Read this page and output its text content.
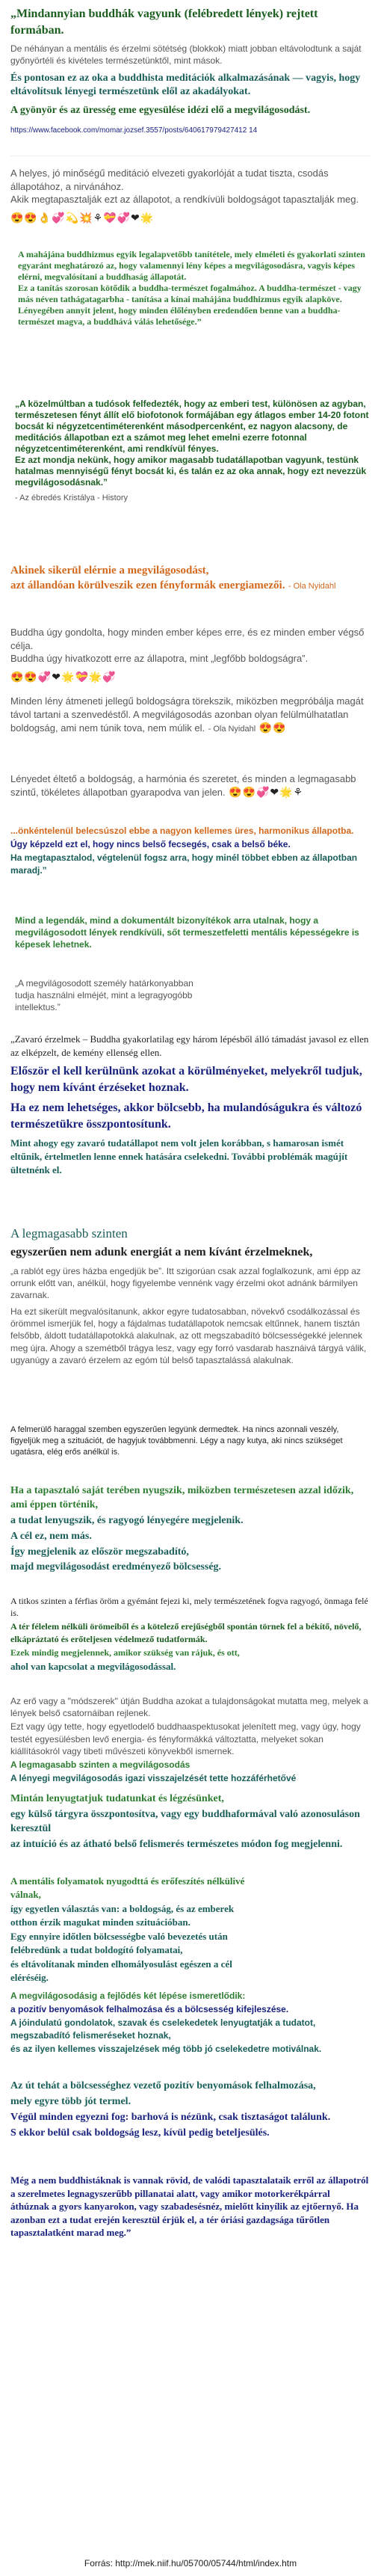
„Mindannyian buddhák vagyunk (felébredett lények) rejtett formában.

De néhányan a mentális és érzelmi sötétség (blokkok) miatt jobban eltávolodtunk a saját győnyörtéli és kivételes természetünktől, mint mások.

És pontosan ez az oka a buddhista meditációk alkalmazásának — vagyis, hogy eltávolítsuk lényegi természetünk elől az akadályokat.

A gyönyör és az üresség eme egyesülése idézi elő a megvilágosodást.

https://www.facebook.com/momar.jozsef.3557/posts/640617979427412 14

A helyes, jó minőségű meditáció elvezeti gyakorlóját a tudat tiszta, csodás állapotához, a nirvánához.
Akik megtapasztalják ezt az állapotot, a rendkívüli boldogságot tapasztalják meg.

😍😍👌💞💫💥⚘💝💞❤🌟

A mahájána buddhizmus egyik legalapvetőbb tanítétele, mely elméleti és gyakorlati szinten egyaránt meghatározó az, hogy valamennyi lény képes a megvilágosodásra, vagyis képes elérni, megvalósítani a buddhaság állapotát.
Ez a tanítás szorosan kötődik a buddha-természet fogalmához. A buddha-természet - vagy más néven tathágatagarbha - tanítása a kínai mahájána buddhizmus egyik alapköve.
Lényegében annyit jelent, hogy minden élőlényben eredendően benne van a buddha-természet magva, a buddhává válás lehetősége.”

„A közelmúltban a tudósok felfedezték, hogy az emberi test, különösen az agyban, természetesen fényt állít elő biofotonok formájában egy átlagos ember 14-20 fotont bocsát ki négyzetcentiméterenként másodpercenként, ez nagyon alacsony, de meditációs állapotban ezt a számot meg lehet emelni ezerre fotonnal négyzetcentiméterenként, ami rendkívül fényes.
Ez azt mondja nekünk, hogy amikor magasabb tudatállapotban vagyunk, testünk hatalmas mennyiségű fényt bocsát ki, és talán ez az oka annak, hogy ezt nevezzük megvilágosodásnak.”

- Az ébredés Kristálya - History

Akinek sikerül elérnie a megvilágosodást,

azt állandóan körülveszik ezen fényformák energiamezői. - Ola Nyidahl

Buddha úgy gondolta, hogy minden ember képes erre, és ez minden ember végső célja.
Buddha úgy hivatkozott erre az állapotra, mint „legfőbb boldogságra”.

😍😍💞❤🌟💝🌟💞

Minden lény átmeneti jellegű boldogságra törekszik, miközben megpróbálja magát távol tartani a szenvedéstől. A megvilágosodás azonban olyan felülmúlhatatlan boldogság, ami nem túnik tova, nem múlik el. - Ola Nyidahl 😍😍

Lényedet éltető a boldogság, a harmónia és szeretet, és minden a legmagasabb szintű, tökéletes állapotban gyarapodva van jelen. 😍😍💞❤🌟⚘

...önkéntelenül belecsúszol ebbe a nagyon kellemes üres, harmonikus állapotba.

Úgy képzeld ezt el, hogy nincs belső fecsegés, csak a belső béke.

Ha megtapasztalod, végtelenül fogsz arra, hogy minél többet ebben az állapotban maradj.”

Mind a legendák, mind a dokumentált bizonyítékok arra utalnak, hogy a megvilágosodott lények rendkívüli, sőt termeszetfeletti mentális képességekre is képesek lehetnek.

„A megvilágosodott személy határkonyabban tudja használni elméjét, mint a legragyogóbb intellektus.”

„Zavaró érzelmek – Buddha gyakorlatilag egy három lépésből álló támadást javasol ez ellen az elképzelt, de kemény ellenség ellen.

Először el kell kerülnünk azokat a körülményeket, melyekről tudjuk, hogy nem kívánt érzéseket hoznak.

Ha ez nem lehetséges, akkor bölcsebb, ha mulandóságukra és változó természetükre összpontosítunk.

Mint ahogy egy zavaró tudatállapot nem volt jelen korábban, s hamarosan ismét eltűnik, értelmetlen lenne ennek hatására cselekedni. További problémák magújít ültetnénk el.

A legmagasabb szinten

egyszerűen nem adunk energiát a nem kívánt érzelmeknek,

„a rablót egy üres házba engedjük be”. Itt szigorúan csak azzal foglalkozunk, ami épp az orrunk előtt van, anélkül, hogy figyelembe vennénk vagy érzelmi okot adnánk bármilyen zavarnak.

Ha ezt sikerült megvalósítanunk, akkor egyre tudatosabban, növekvő csodálkozással és örömmel ismerjük fel, hogy a fájdalmas tudatállapotok nemcsak eltűnnek, hanem tisztán felsőbb, áldott tudatállapotokká alakulnak, az ott megszabadító bölcsességekké jelennek meg újra. Ahogy a szemétből trágya lesz, vagy egy forró vasdarab hasznáivá tárgyá válik, ugyanúgy a zavaró érzelem az egóm túl belső tapasztalássá alakulnak.

A felmerülő haraggal szemben egyszerűen legyünk dermedtek. Ha nincs azonnali veszély, figyeljük meg a szituációt, de hagyjuk továbbmenni. Légy a nagy kutya, aki nincs szükséget ugatásra, elég erős anélkül is.

Ha a tapasztaló saját terében nyugszik, miközben természetesen azzal időzik, ami éppen történik,

a tudat lenyugszik, és ragyogó lényegére megjelenik.

A cél ez, nem más.

Így megjelenik az először megszabadító,

majd megvilágosodást eredményező bölcsesség.

A titkos szinten a férfias öröm a gyémánt fejezi ki, mely természetének fogva ragyogó, önmaga felé is.

A tér félelem nélküli örömeiből és a kötelező erejűségből spontán törnek fel a békítő, növelő, elkápráztató és erőteljesen védelmező tudatformák.

Ezek mindig megjelennek, amikor szükség van rájuk, és ott,

ahol van kapcsolat a megvilágosodással.

Az erő vagy a "módszerek" útján Buddha azokat a tulajdonságokat mutatta meg, melyek a lények belső csatornáiban rejlenek.

Ezt vagy úgy tette, hogy egyetlodelő buddhaaspektusokat jelenített meg, vagy úgy, hogy testét egyesülésben levő energia- és fényformákká változtatta, melyeket sokan kiállításokról vagy tibeti művészeti könyvekből ismernek.

A legmagasabb szinten a megvilágosodás

A lényegi megvilágosodás igazi visszajelzését tette hozzáférhetővé

Mintán lenyugtatjuk tudatunkat és légzésünket,

egy külső tárgyra összpontosítva, vagy egy buddhaformával való azonosuláson keresztül

az intuíció és az átható belső felismerés természetes módon fog megjelenni.

A mentális folyamatok nyugodttá és erőfeszítés nélkülivé válnak,

így egyetlen választás van: a boldogság, és az emberek otthon érzik magukat minden szituációban.

Egy ennyire időtlen bölcsességbe való bevezetés után felébredünk a tudat boldogító folyamatai,

és eltávolítanak minden elhomályosulást egészen a cél eléréséig.

A megvilágosodásig a fejlődés két lépése ismeretlődik:

a pozitív benyomások felhalmozása és a bölcsesség kifejleszése.

A jóindulatú gondolatok, szavak és cselekedetek lenyugtatják a tudatot, megszabadító felismeréseket hoznak,

és az ilyen kellemes visszajelzések még több jó cselekedetre motiválnak.

Az út tehát a bölcsességhez vezető pozitív benyomások felhalmozása,

mely egyre több jót termel.

Végül minden egyezni fog: barhová is nézünk, csak tisztaságot találunk.

S ekkor belül csak boldogság lesz, kívül pedig beteljesülés.

Még a nem buddhistáknak is vannak rövid, de valódi tapasztalataik erről az állapotról a szerelmetes legnagyszerűbb pillanatai alatt, vagy amikor motorkerékpárral áthúznak a gyors kanyarokon, vagy szabadesésnéz, mielőtt kinyílik az ejtőernyő. Ha azonban ezt a tudat erején keresztül érjük el, a tér óriási gazdagsága tűrőtlen tapasztalatként marad meg.”

Forrás: http://mek.niif.hu/05700/05744/html/index.htm
